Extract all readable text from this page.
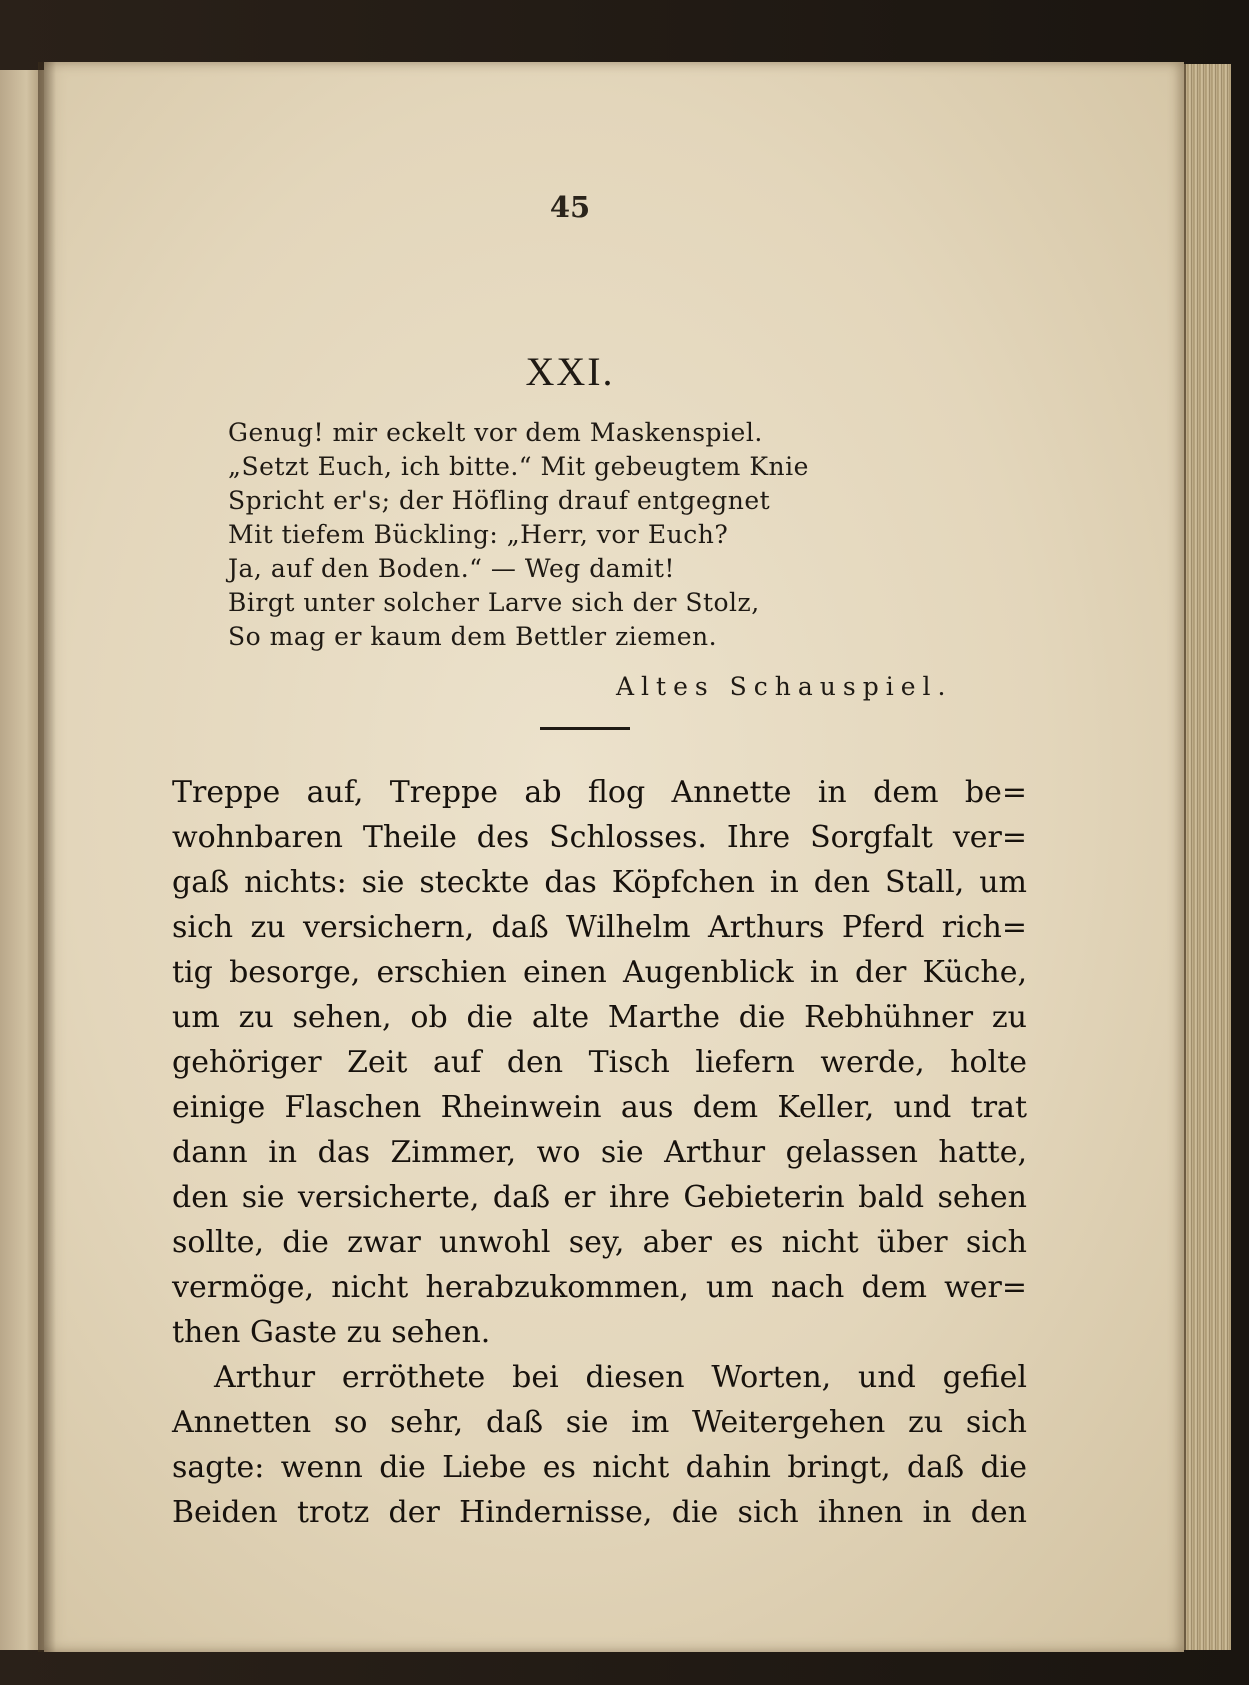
45
XXI.
Genug! mir eckelt vor dem Maskenspiel.
„Setzt Euch, ich bitte.“ Mit gebeugtem Knie
Spricht er's; der Höfling drauf entgegnet
Mit tiefem Bückling: „Herr, vor Euch?
Ja, auf den Boden.“ — Weg damit!
Birgt unter solcher Larve sich der Stolz,
So mag er kaum dem Bettler ziemen.
Altes Schauspiel.
Treppe auf, Treppe ab flog Annette in dem be=
wohnbaren Theile des Schlosses. Ihre Sorgfalt ver=
gaß nichts: sie steckte das Köpfchen in den Stall, um
sich zu versichern, daß Wilhelm Arthurs Pferd rich=
tig besorge, erschien einen Augenblick in der Küche,
um zu sehen, ob die alte Marthe die Rebhühner zu
gehöriger Zeit auf den Tisch liefern werde, holte
einige Flaschen Rheinwein aus dem Keller, und trat
dann in das Zimmer, wo sie Arthur gelassen hatte,
den sie versicherte, daß er ihre Gebieterin bald sehen
sollte, die zwar unwohl sey, aber es nicht über sich
vermöge, nicht herabzukommen, um nach dem wer=
then Gaste zu sehen.
Arthur erröthete bei diesen Worten, und gefiel
Annetten so sehr, daß sie im Weitergehen zu sich
sagte: wenn die Liebe es nicht dahin bringt, daß die
Beiden trotz der Hindernisse, die sich ihnen in den
